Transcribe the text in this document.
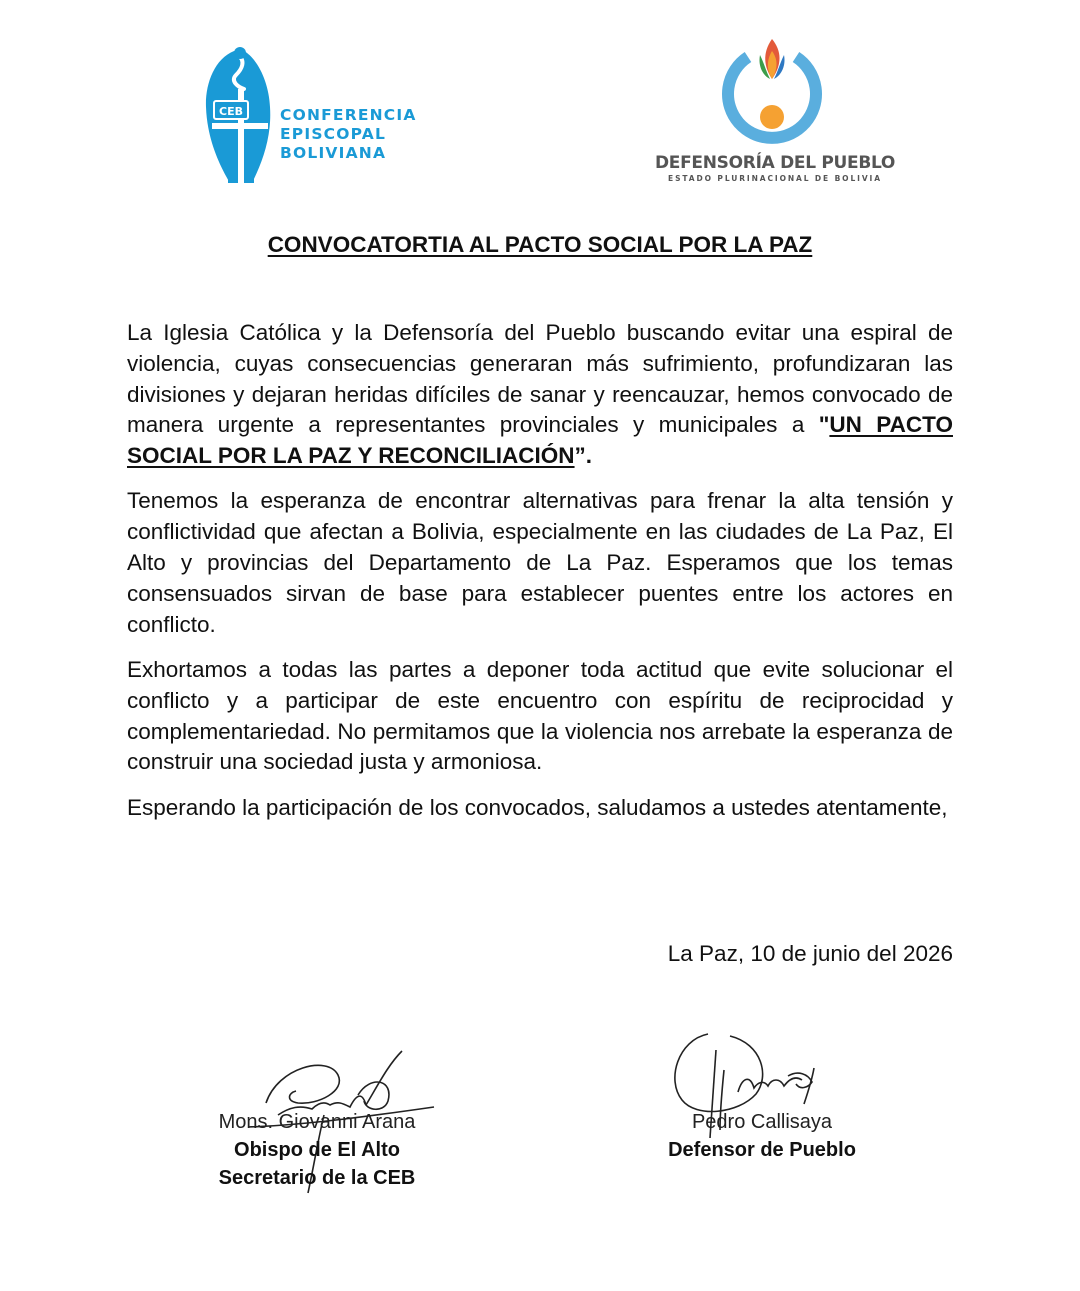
CEB CONFERENCIA
EPISCOPAL
BOLIVIANA	DEFENSORÍA DEL PUEBLO
ESTADO PLURINACIONAL DE BOLIVIA
CONVOCATORTIA AL PACTO SOCIAL POR LA PAZ

La Iglesia Católica y la Defensoría del Pueblo buscando evitar una espiral de violencia, cuyas consecuencias generaran más sufrimiento, profundizaran las divisiones y dejaran heridas difíciles de sanar y reencauzar, hemos convocado de manera urgente a representantes provinciales y municipales a "UN PACTO SOCIAL POR LA PAZ Y RECONCILIACIÓN”.

Tenemos la esperanza de encontrar alternativas para frenar la alta tensión y conflictividad que afectan a Bolivia, especialmente en las ciudades de La Paz, El Alto y provincias del Departamento de La Paz. Esperamos que los temas consensuados sirvan de base para establecer puentes entre los actores en conflicto.

Exhortamos a todas las partes a deponer toda actitud que evite solucionar el conflicto y a participar de este encuentro con espíritu de reciprocidad y complementariedad. No permitamos que la violencia nos arrebate la esperanza de construir una sociedad justa y armoniosa.

Esperando la participación de los convocados, saludamos a ustedes atentamente,

La Paz, 10 de junio del 2026
Mons. Giovanni Arana
Obispo de El Alto
Secretario de la CEB
Pedro Callisaya
Defensor de Pueblo
